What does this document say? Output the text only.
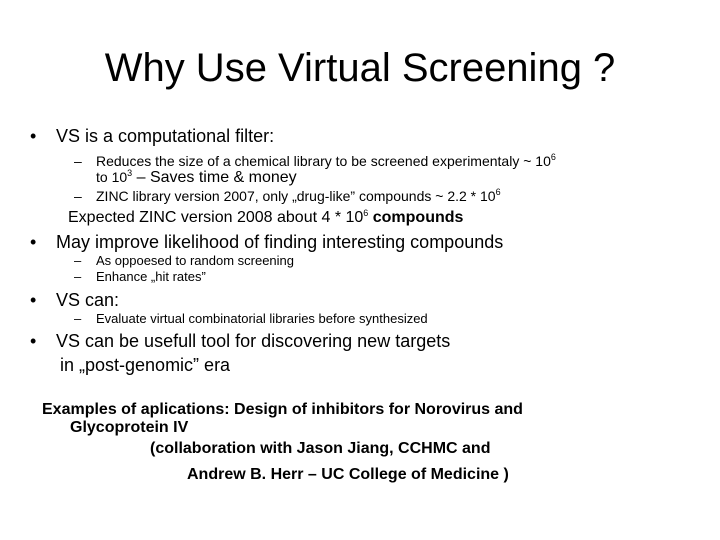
Why Use Virtual Screening ?
• VS is a computational filter:
– Reduces the size of a chemical library to be screened experimentaly ~ $10^6$
to $10^3$ – Saves time & money
– ZINC library version 2007, only „drug-like” compounds ~ $2.2 * 10^6$
Expected ZINC version 2008 about $4 * 10^6$ compounds
• May improve likelihood of finding interesting compounds
– As oppoesed to random screening
– Enhance „hit rates”
• VS can:
– Evaluate virtual combinatorial libraries before synthesized
• VS can be usefull tool for discovering new targets
in „post-genomic” era
Examples of aplications: Design of inhibitors for Norovirus and
Glycoprotein IV
(collaboration with Jason Jiang, CCHMC and
Andrew B. Herr – UC College of Medicine )
